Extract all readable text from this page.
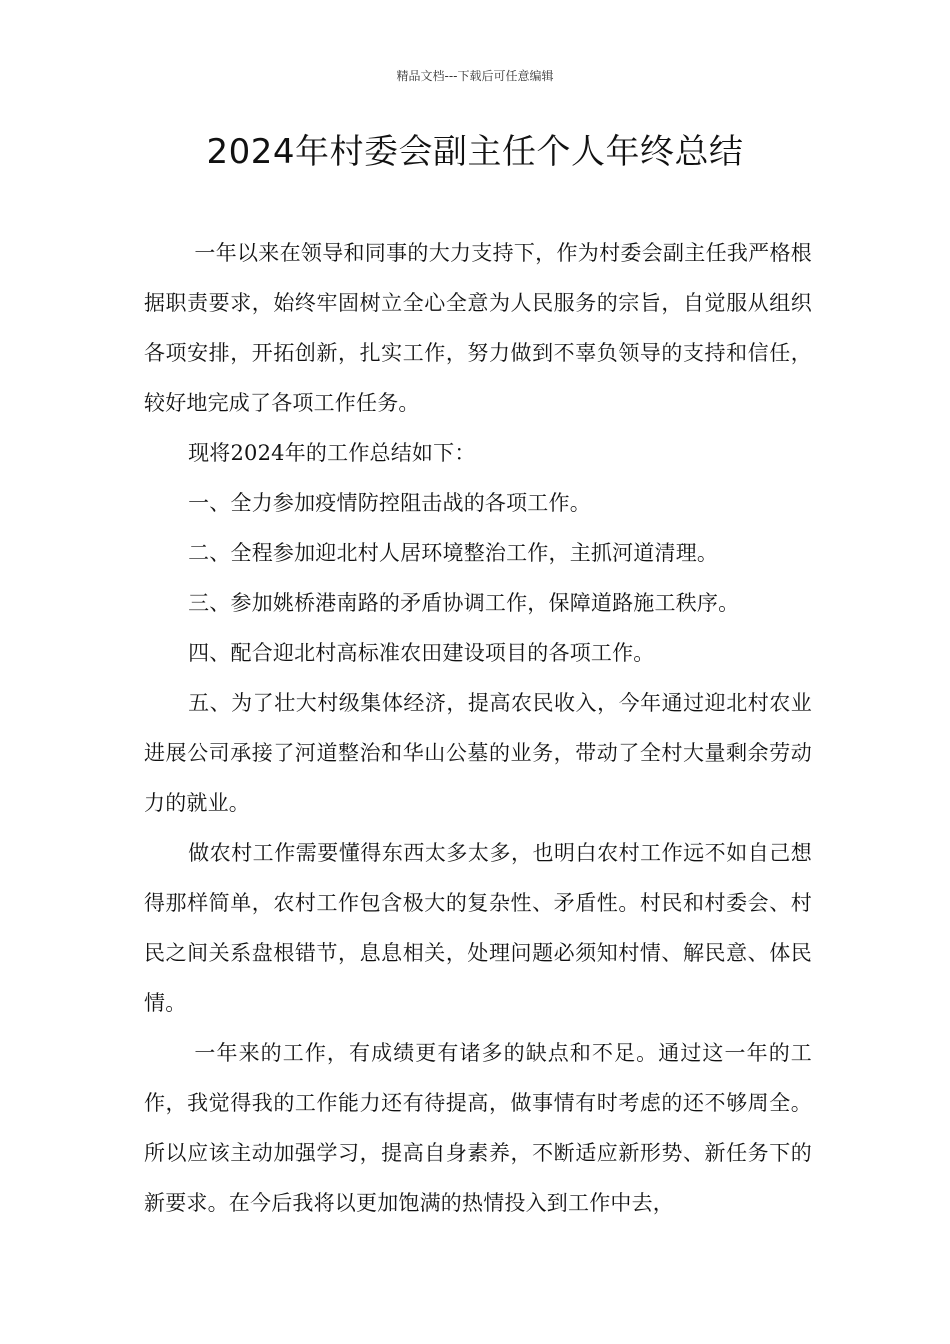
精品文档---下载后可任意编辑
2024年村委会副主任个人年终总结

一年以来在领导和同事的大力支持下，作为村委会副主任我严格根据职责要求，始终牢固树立全心全意为人民服务的宗旨，自觉服从组织各项安排，开拓创新，扎实工作，努力做到不辜负领导的支持和信任，较好地完成了各项工作任务。

现将2024年的工作总结如下：

一、全力参加疫情防控阻击战的各项工作。

二、全程参加迎北村人居环境整治工作，主抓河道清理。

三、参加姚桥港南路的矛盾协调工作，保障道路施工秩序。

四、配合迎北村高标准农田建设项目的各项工作。

五、为了壮大村级集体经济，提高农民收入，今年通过迎北村农业进展公司承接了河道整治和华山公墓的业务，带动了全村大量剩余劳动力的就业。

做农村工作需要懂得东西太多太多，也明白农村工作远不如自己想得那样简单，农村工作包含极大的复杂性、矛盾性。村民和村委会、村民之间关系盘根错节，息息相关，处理问题必须知村情、解民意、体民情。

一年来的工作，有成绩更有诸多的缺点和不足。通过这一年的工作，我觉得我的工作能力还有待提高，做事情有时考虑的还不够周全。所以应该主动加强学习，提高自身素养，不断适应新形势、新任务下的新要求。在今后我将以更加饱满的热情投入到工作中去，
